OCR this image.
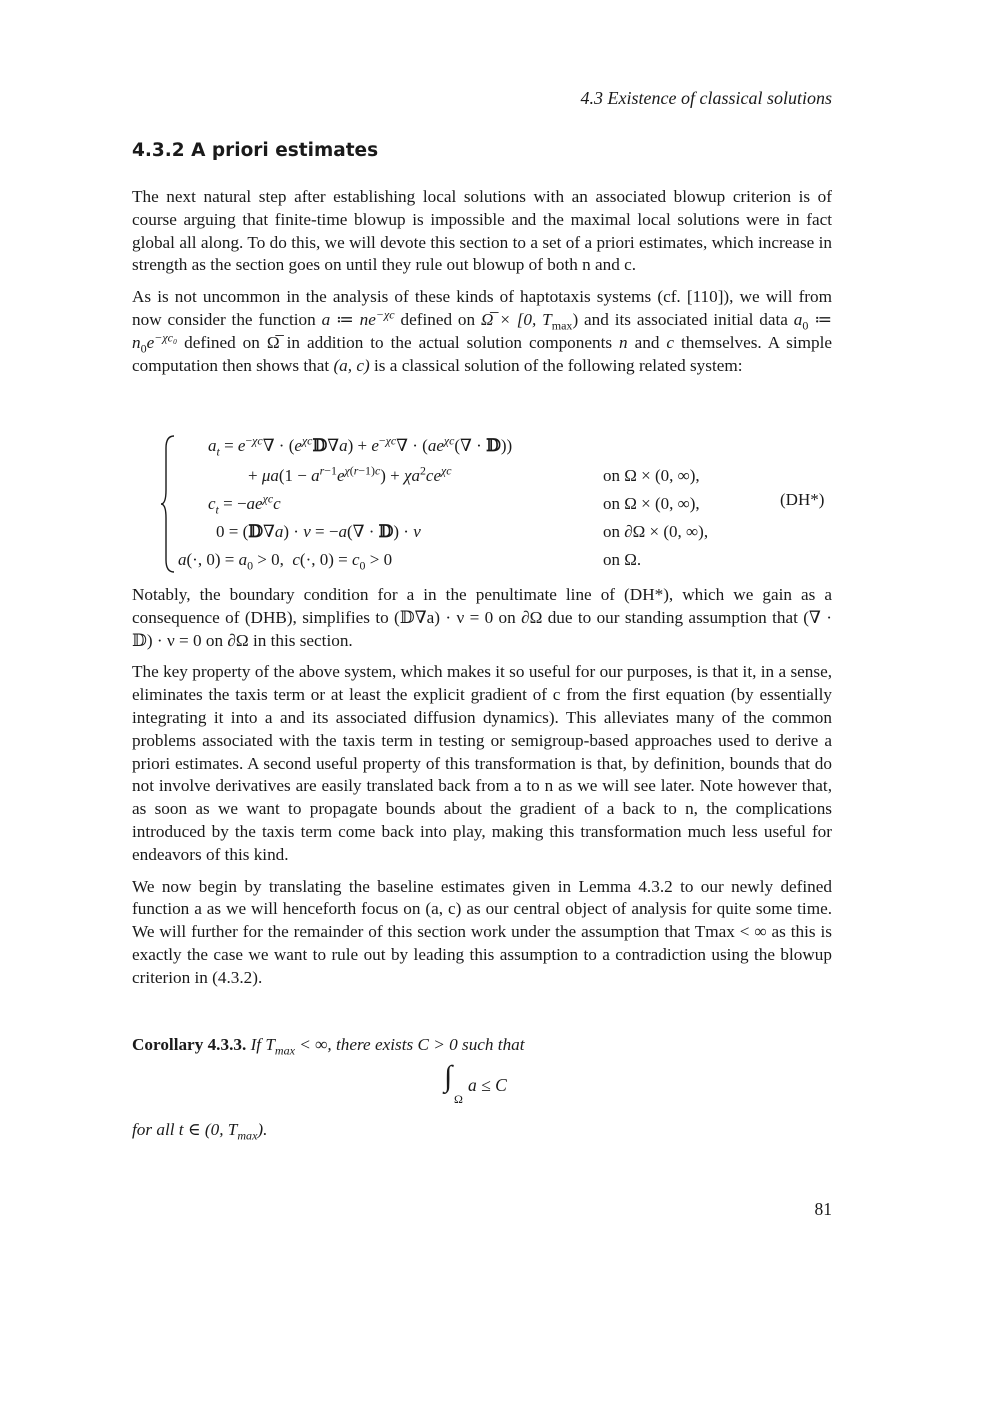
4.3 Existence of classical solutions
4.3.2 A priori estimates

The next natural step after establishing local solutions with an associated blowup criterion is of course arguing that finite-time blowup is impossible and the maximal local solutions were in fact global all along. To do this, we will devote this section to a set of a priori estimates, which increase in strength as the section goes on until they rule out blowup of both n and c.

As is not uncommon in the analysis of these kinds of haptotaxis systems (cf. [110]), we will from now consider the function a ≔ $ne^{-\chi c}$ defined on Ω̅ × [0, $T_{max}$) and its associated initial data $a_0$ ≔ $n_0e^{-\chi c_0}$ defined on Ω̅ in addition to the actual solution components n and c themselves. A simple computation then shows that (a, c) is a classical solution of the following related system:

$a_t = e^{-\chi c}\nabla$ · $(e^{\chi c}𝔻\nabla a) + e^{-\chi c}\nabla \cdot (ae^{\chi c}(\nabla$ · 𝔻))
+ $\mu a(1 - a^{r-1}e^{\chi(r-1)c}) + \chi a^2ce^{\chi c}$	on Ω × (0, ∞),
$c_t = -ae^{\chi c}c$	on Ω × (0, ∞),
0 = (𝔻∇a) · ν = −a(∇ · 𝔻) · ν	on ∂Ω × (0, ∞),
a(·, $0) = a_0 > 0$,  c(·, $0) = c_0 > 0$	on Ω.
(DH*)

Notably, the boundary condition for a in the penultimate line of (DH*), which we gain as a consequence of (DHB), simplifies to (𝔻∇a) · ν = 0 on ∂Ω due to our standing assumption that (∇ · 𝔻) · ν = 0 on ∂Ω in this section.

The key property of the above system, which makes it so useful for our purposes, is that it, in a sense, eliminates the taxis term or at least the explicit gradient of c from the first equation (by essentially integrating it into a and its associated diffusion dynamics). This alleviates many of the common problems associated with the taxis term in testing or semigroup-based approaches used to derive a priori estimates. A second useful property of this transformation is that, by definition, bounds that do not involve derivatives are easily translated back from a to n as we will see later. Note however that, as soon as we want to propagate bounds about the gradient of a back to n, the complications introduced by the taxis term come back into play, making this transformation much less useful for endeavors of this kind.

We now begin by translating the baseline estimates given in Lemma 4.3.2 to our newly defined function a as we will henceforth focus on (a, c) as our central object of analysis for quite some time. We will further for the remainder of this section work under the assumption that Tmax < ∞ as this is exactly the case we want to rule out by leading this assumption to a contradiction using the blowup criterion in (4.3.2).

Corollary 4.3.3. If $T_{max}$ < ∞, there exists C > 0 such that
∫
Ω
a ≤ C
for all t ∈ (0, $T_{max}$).
81
